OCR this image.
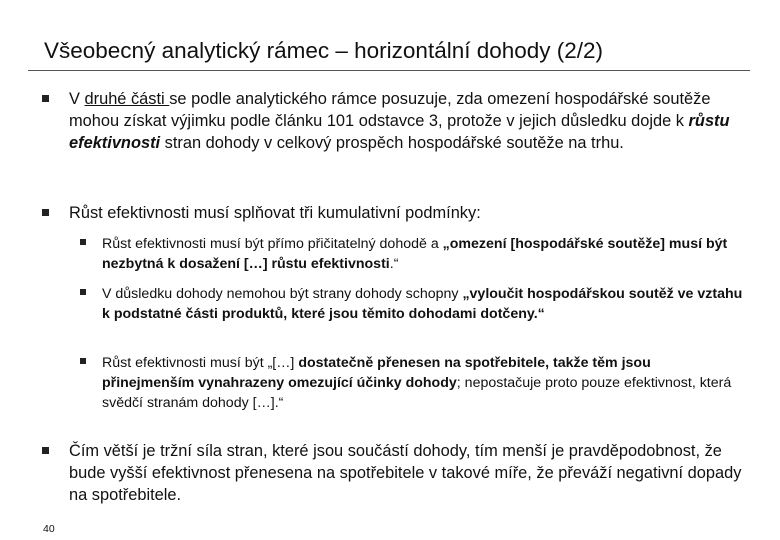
Všeobecný analytický rámec – horizontální dohody (2/2)
V druhé části se podle analytického rámce posuzuje, zda omezení hospodářské soutěže mohou získat výjimku podle článku 101 odstavce 3, protože v jejich důsledku dojde k růstu efektivnosti stran dohody v celkový prospěch hospodářské soutěže na trhu.
Růst efektivnosti musí splňovat tři kumulativní podmínky:
Růst efektivnosti musí být přímo přičitatelný dohodě a „omezení [hospodářské soutěže] musí být nezbytná k dosažení […] růstu efektivnosti.“
V důsledku dohody nemohou být strany dohody schopny „vyloučit hospodářskou soutěž ve vztahu k podstatné části produktů, které jsou těmito dohodami dotčeny.“
Růst efektivnosti musí být „[…] dostatečně přenesen na spotřebitele, takže těm jsou přinejmenším vynahrazeny omezující účinky dohody; nepostačuje proto pouze efektivnost, která svědčí stranám dohody […].“
Čím větší je tržní síla stran, které jsou součástí dohody, tím menší je pravděpodobnost, že bude vyšší efektivnost přenesena na spotřebitele v takové míře, že převáží negativní dopady na spotřebitele.
40
